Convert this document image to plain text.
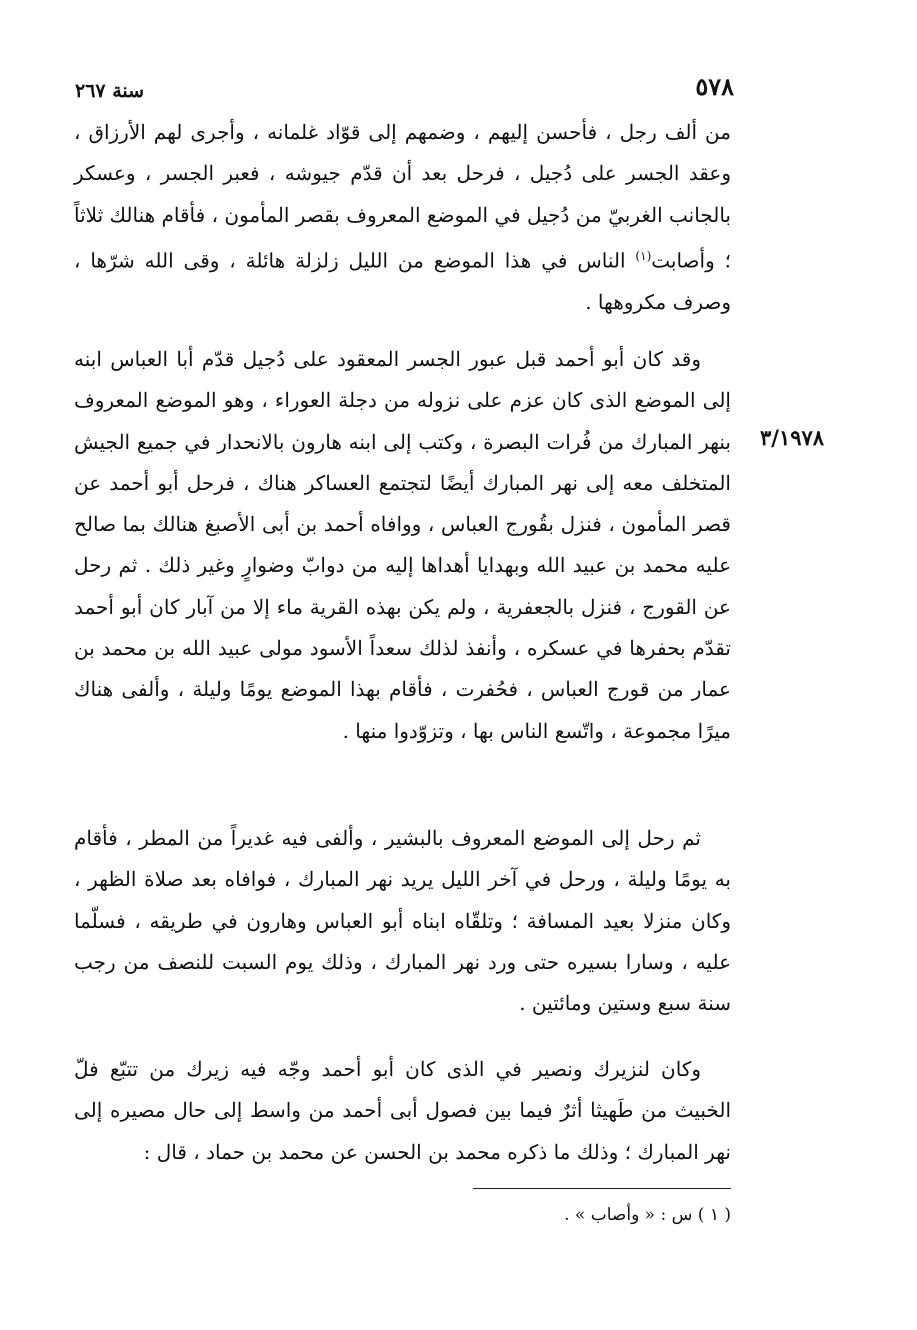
٥٧٨
سنة ٢٦٧
٣/١٩٧٨

من ألف رجل ، فأحسن إليهم ، وضمهم إلى قوّاد غلمانه ، وأجرى لهم الأرزاق ، وعقد الجسر على دُجيل ، فرحل بعد أن قدّم جيوشه ، فعبر الجسر ، وعسكر بالجانب الغربيّ من دُجيل في الموضع المعروف بقصر المأمون ، فأقام هنالك ثلاثاً ؛ وأصابت$^{(١)}$ الناس في هذا الموضع من الليل زلزلة هائلة ، وقى الله شرّها ، وصرف مكروهها .

وقد كان أبو أحمد قبل عبور الجسر المعقود على دُجيل قدّم أبا العباس ابنه إلى الموضع الذى كان عزم على نزوله من دجلة العوراء ، وهو الموضع المعروف بنهر المبارك من فُرات البصرة ، وكتب إلى ابنه هارون بالانحدار في جميع الجيش المتخلف معه إلى نهر المبارك أيضًا لتجتمع العساكر هناك ، فرحل أبو أحمد عن قصر المأمون ، فنزل بقُورج العباس ، ووافاه أحمد بن أبى الأصبغ هنالك بما صالح عليه محمد بن عبيد الله وبهدايا أهداها إليه من دوابّ وضوارٍ وغير ذلك . ثم رحل عن القورج ، فنزل بالجعفرية ، ولم يكن بهذه القرية ماء إلا من آبار كان أبو أحمد تقدّم بحفرها في عسكره ، وأنفذ لذلك سعداً الأسود مولى عبيد الله بن محمد بن عمار من قورج العباس ، فحُفرت ، فأقام بهذا الموضع يومًا وليلة ، وألفى هناك ميرًا مجموعة ، واتّسع الناس بها ، وتزوّدوا منها .

ثم رحل إلى الموضع المعروف بالبشير ، وألفى فيه غديراً من المطر ، فأقام به يومًا وليلة ، ورحل في آخر الليل يريد نهر المبارك ، فوافاه بعد صلاة الظهر ، وكان منزلا بعيد المسافة ؛ وتلقّاه ابناه أبو العباس وهارون في طريقه ، فسلّما عليه ، وسارا بسيره حتى ورد نهر المبارك ، وذلك يوم السبت للنصف من رجب سنة سبع وستين ومائتين .

وكان لنزيرك ونصير في الذى كان أبو أحمد وجّه فيه زيرك من تتبّع فلّ الخبيث من طَهيثا أثرٌ فيما بين فصول أبى أحمد من واسط إلى حال مصيره إلى نهر المبارك ؛ وذلك ما ذكره محمد بن الحسن عن محمد بن حماد ، قال :

( ١ ) س : « وأصاب » .
